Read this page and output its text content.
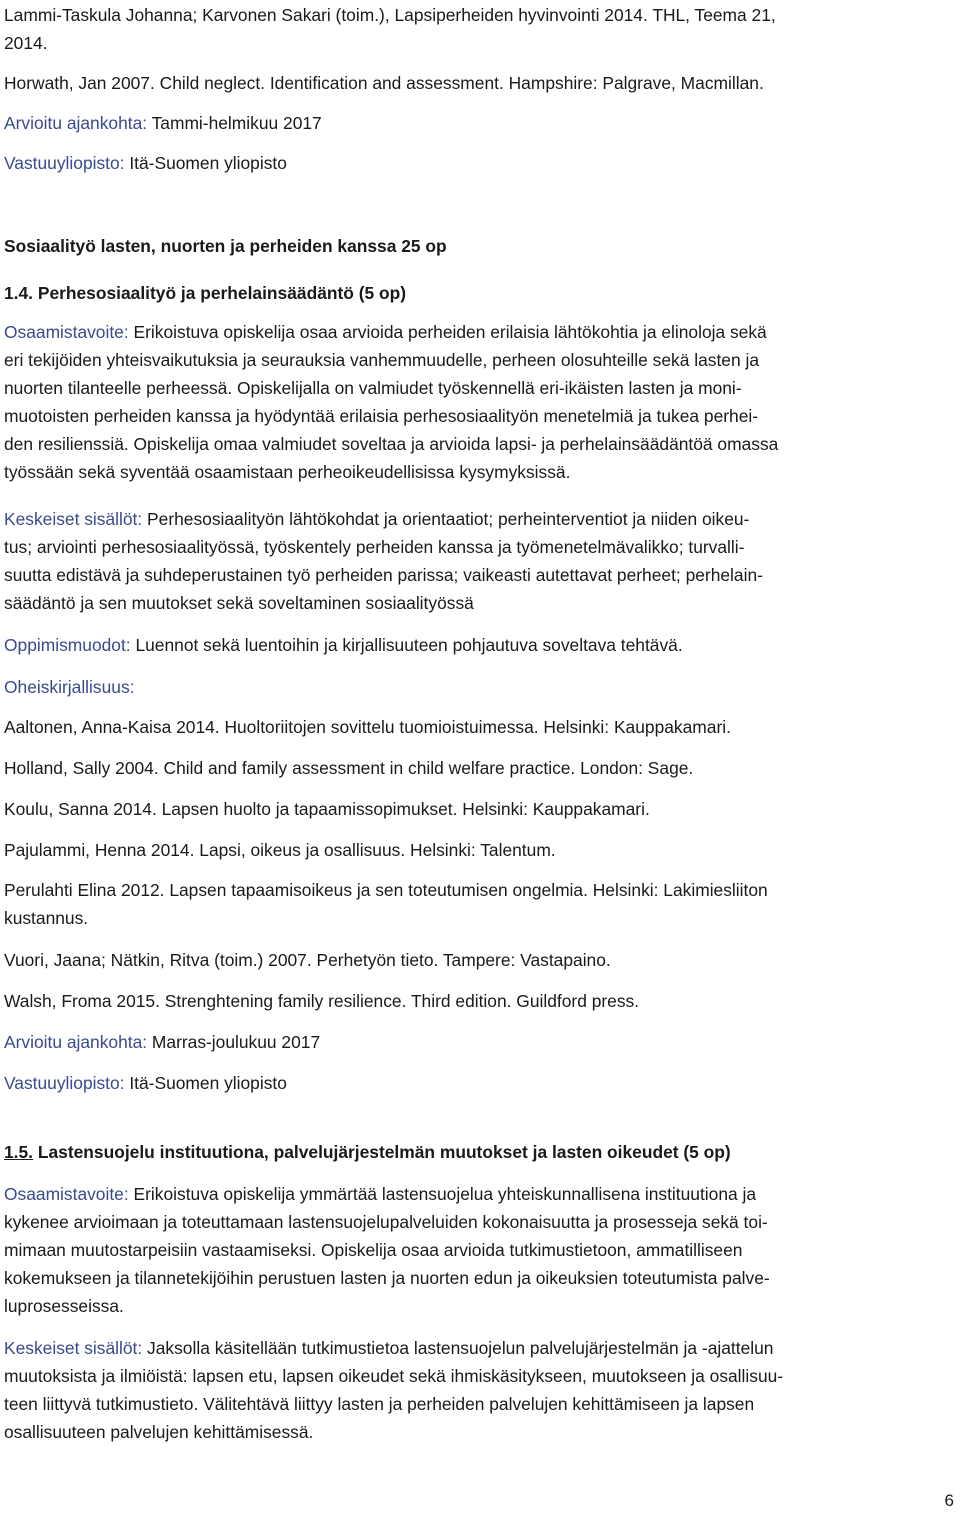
Lammi-Taskula Johanna; Karvonen Sakari (toim.), Lapsiperheiden hyvinvointi 2014. THL, Teema 21,
2014.
Horwath, Jan 2007. Child neglect. Identification and assessment. Hampshire: Palgrave, Macmillan.
Arvioitu ajankohta: Tammi-helmikuu 2017
Vastuuyliopisto: Itä-Suomen yliopisto
Sosiaalityö lasten, nuorten ja perheiden kanssa 25 op
1.4. Perhesosiaalityö ja perhelainsäädäntö (5 op)
Osaamistavoite: Erikoistuva opiskelija osaa arvioida perheiden erilaisia lähtökohtia ja elinoloja sekä
eri tekijöiden yhteisvaikutuksia ja seurauksia vanhemmuudelle, perheen olosuhteille sekä lasten ja
nuorten tilanteelle perheessä. Opiskelijalla on valmiudet työskennellä eri-ikäisten lasten ja moni-
muotoisten perheiden kanssa ja hyödyntää erilaisia perhesosiaalityön menetelmiä ja tukea perhei-
den resilienssiä. Opiskelija omaa valmiudet soveltaa ja arvioida lapsi- ja perhelainsäädäntöä omassa
työssään sekä syventää osaamistaan perheoikeudellisissa kysymyksissä.
Keskeiset sisällöt: Perhesosiaalityön lähtökohdat ja orientaatiot; perheinterventiot ja niiden oikeu-
tus; arviointi perhesosiaalityössä, työskentely perheiden kanssa ja työmenetelmävalikko; turvalli-
suutta edistävä ja suhdeperustainen työ perheiden parissa; vaikeasti autettavat perheet; perhelain-
säädäntö ja sen muutokset sekä soveltaminen sosiaalityössä
Oppimismuodot: Luennot sekä luentoihin ja kirjallisuuteen pohjautuva soveltava tehtävä.
Oheiskirjallisuus:
Aaltonen, Anna-Kaisa 2014. Huoltoriitojen sovittelu tuomioistuimessa. Helsinki: Kauppakamari.
Holland, Sally 2004. Child and family assessment in child welfare practice. London: Sage.
Koulu, Sanna 2014. Lapsen huolto ja tapaamissopimukset. Helsinki: Kauppakamari.
Pajulammi, Henna 2014. Lapsi, oikeus ja osallisuus. Helsinki: Talentum.
Perulahti Elina 2012. Lapsen tapaamisoikeus ja sen toteutumisen ongelmia. Helsinki: Lakimiesliiton
kustannus.
Vuori, Jaana; Nätkin, Ritva (toim.) 2007. Perhetyön tieto. Tampere: Vastapaino.
Walsh, Froma 2015. Strenghtening family resilience. Third edition. Guildford press.
Arvioitu ajankohta: Marras-joulukuu 2017
Vastuuyliopisto: Itä-Suomen yliopisto
1.5. Lastensuojelu instituutiona, palvelujärjestelmän muutokset ja lasten oikeudet (5 op)
Osaamistavoite: Erikoistuva opiskelija ymmärtää lastensuojelua yhteiskunnallisena instituutiona ja
kykenee arvioimaan ja toteuttamaan lastensuojelupalveluiden kokonaisuutta ja prosesseja sekä toi-
mimaan muutostarpeisiin vastaamiseksi. Opiskelija osaa arvioida tutkimustietoon, ammatilliseen
kokemukseen ja tilannetekijöihin perustuen lasten ja nuorten edun ja oikeuksien toteutumista palve-
luprosesseissa.
Keskeiset sisällöt: Jaksolla käsitellään tutkimustietoa lastensuojelun palvelujärjestelmän ja -ajattelun
muutoksista ja ilmiöistä: lapsen etu, lapsen oikeudet sekä ihmiskäsitykseen, muutokseen ja osallisuu-
teen liittyvä tutkimustieto. Välitehtävä liittyy lasten ja perheiden palvelujen kehittämiseen ja lapsen
osallisuuteen palvelujen kehittämisessä.
6
